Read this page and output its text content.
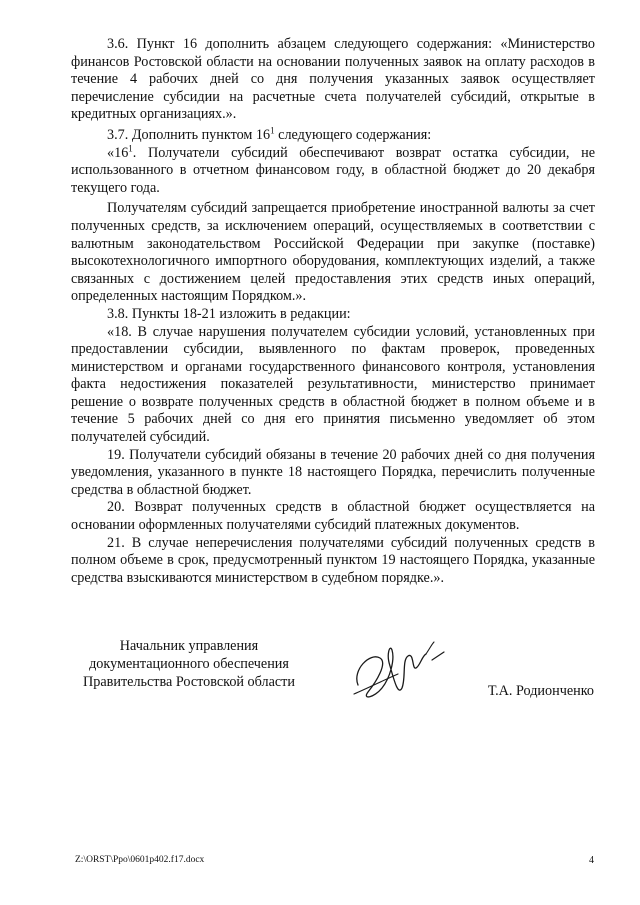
3.6. Пункт 16 дополнить абзацем следующего содержания: «Министерство финансов Ростовской области на основании полученных заявок на оплату расходов в течение 4 рабочих дней со дня получения указанных заявок осуществляет перечисление субсидии на расчетные счета получателей субсидий, открытые в кредитных организациях.».

3.7. Дополнить пунктом $16^1$ следующего содержания:

«$16^1$. Получатели субсидий обеспечивают возврат остатка субсидии, не использованного в отчетном финансовом году, в областной бюджет до 20 декабря текущего года.

Получателям субсидий запрещается приобретение иностранной валюты за счет полученных средств, за исключением операций, осуществляемых в соответствии с валютным законодательством Российской Федерации при закупке (поставке) высокотехнологичного импортного оборудования, комплектующих изделий, а также связанных с достижением целей предоставления этих средств иных операций, определенных настоящим Порядком.».

3.8. Пункты 18-21 изложить в редакции:

«18. В случае нарушения получателем субсидии условий, установленных при предоставлении субсидии, выявленного по фактам проверок, проведенных министерством и органами государственного финансового контроля, установления факта недостижения показателей результативности, министерство принимает решение о возврате полученных средств в областной бюджет в полном объеме и в течение 5 рабочих дней со дня его принятия письменно уведомляет об этом получателей субсидий.

19. Получатели субсидий обязаны в течение 20 рабочих дней со дня получения уведомления, указанного в пункте 18 настоящего Порядка, перечислить полученные средства в областной бюджет.

20. Возврат полученных средств в областной бюджет осуществляется на основании оформленных получателями субсидий платежных документов.

21. В случае неперечисления получателями субсидий полученных средств в полном объеме в срок, предусмотренный пунктом 19 настоящего Порядка, указанные средства взыскиваются министерством в судебном порядке.».

Начальник управления
документационного обеспечения
Правительства Ростовской области
Т.А. Родионченко
Z:\ORST\Ppo\0601p402.f17.docx	4
